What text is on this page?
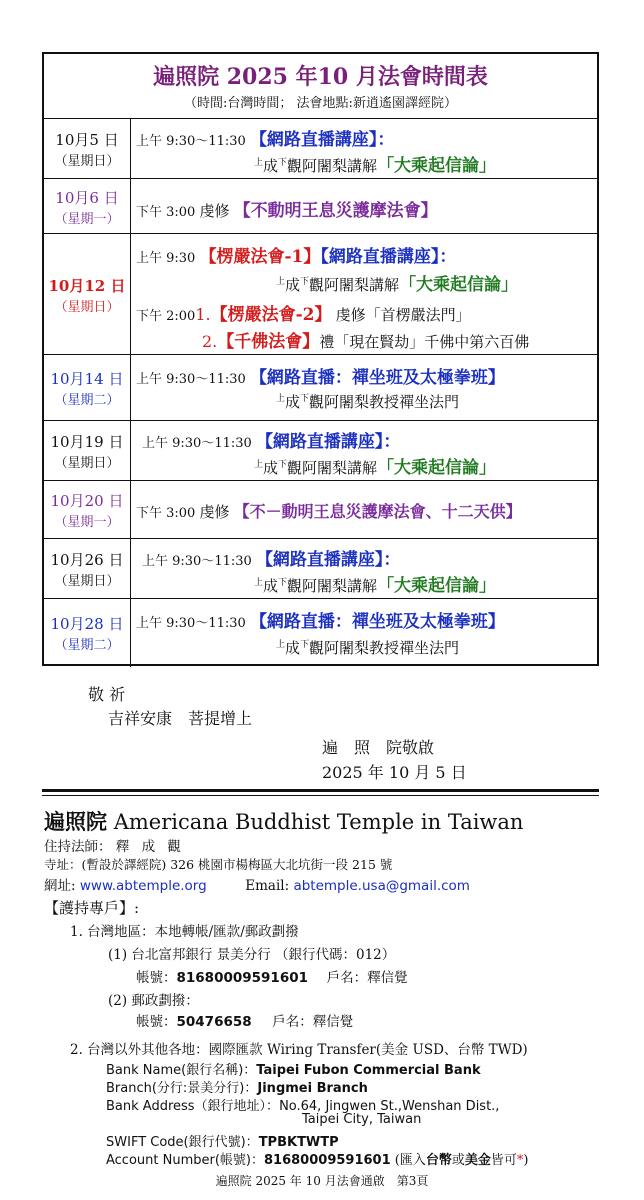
遍照院 2025 年10 月法會時間表
（時間:台灣時間； 法會地點:新逍遙園譯經院）
10月5 日
（星期日）
上午 9:30～11:30 【網路直播講座】：
$^上$成$^下$觀阿闍梨講解「大乘起信論」
10月6 日
（星期一）	下午 3:00 虔修 【不動明王息災護摩法會】
10月12 日
（星期日）
上午 9:30 【楞嚴法會-1】【網路直播講座】：
$^上$成$^下$觀阿闍梨講解「大乘起信論」
下午 2:001.【楞嚴法會-2】 虔修「首楞嚴法門」
2.【千佛法會】禮「現在賢劫」千佛中第六百佛
10月14 日
（星期二）
上午 9:30～11:30 【網路直播：禪坐班及太極拳班】
$^上$成$^下$觀阿闍梨教授禪坐法門
10月19 日
（星期日）
上午 9:30～11:30 【網路直播講座】：
$^上$成$^下$觀阿闍梨講解「大乘起信論」
10月20 日
（星期一）
下午 3:00 虔修 【不－動明王息災護摩法會、十二天供】
10月26 日
（星期日）
上午 9:30～11:30 【網路直播講座】：
$^上$成$^下$觀阿闍梨講解「大乘起信論」
10月28 日
（星期二）
上午 9:30～11:30 【網路直播：禪坐班及太極拳班】
$^上$成$^下$觀阿闍梨教授禪坐法門
敬 祈
吉祥安康　菩提增上
遍　照　院敬啟
2025 年 10 月 5 日
遍照院 Americana Buddhist Temple in Taiwan
住持法師： 釋 成 觀
寺址：(暫設於譯經院) 326 桃園市楊梅區大北坑街一段 215 號
網址: www.abtemple.org	Email: abtemple.usa@gmail.com
【護持專戶】:
1. 台灣地區：本地轉帳/匯款/郵政劃撥
(1) 台北富邦銀行 景美分行 （銀行代碼：012）
帳號：81680009591601 戶名：釋信覺
(2) 郵政劃撥：
帳號：50476658 戶名：釋信覺
2. 台灣以外其他各地：國際匯款 Wiring Transfer(美金 USD、台幣 TWD)
Bank Name(銀行名稱)：Taipei Fubon Commercial Bank
Branch(分行:景美分行)：Jingmei Branch
Bank Address（銀行地址）：No.64, Jingwen St.,Wenshan Dist.,
Taipei City, Taiwan
SWIFT Code(銀行代號)：TPBKTWTP
Account Number(帳號)：81680009591601 (匯入台幣或美金皆可*)
遍照院 2025 年 10 月法會通啟　第3頁
